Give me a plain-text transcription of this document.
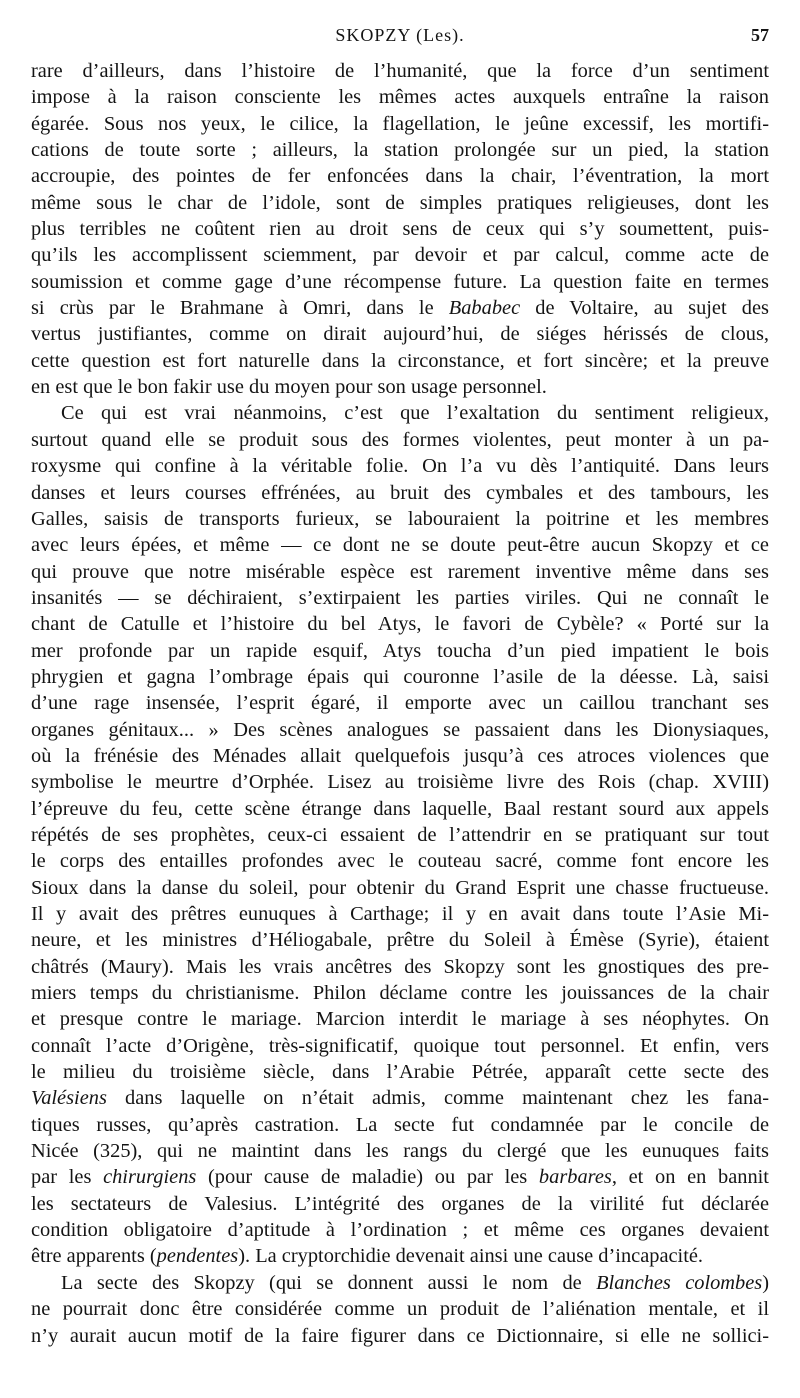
SKOPZY (Les).	57
rare d’ailleurs, dans l’histoire de l’humanité, que la force d’un sentiment
impose à la raison consciente les mêmes actes auxquels entraîne la raison
égarée. Sous nos yeux, le cilice, la flagellation, le jeûne excessif, les mortifi-
cations de toute sorte ; ailleurs, la station prolongée sur un pied, la station
accroupie, des pointes de fer enfoncées dans la chair, l’éventration, la mort
même sous le char de l’idole, sont de simples pratiques religieuses, dont les
plus terribles ne coûtent rien au droit sens de ceux qui s’y soumettent, puis-
qu’ils les accomplissent sciemment, par devoir et par calcul, comme acte de
soumission et comme gage d’une récompense future. La question faite en termes
si crùs par le Brahmane à Omri, dans le Bababec de Voltaire, au sujet des
vertus justifiantes, comme on dirait aujourd’hui, de siéges hérissés de clous,
cette question est fort naturelle dans la circonstance, et fort sincère; et la preuve
en est que le bon fakir use du moyen pour son usage personnel.
Ce qui est vrai néanmoins, c’est que l’exaltation du sentiment religieux,
surtout quand elle se produit sous des formes violentes, peut monter à un pa-
roxysme qui confine à la véritable folie. On l’a vu dès l’antiquité. Dans leurs
danses et leurs courses effrénées, au bruit des cymbales et des tambours, les
Galles, saisis de transports furieux, se labouraient la poitrine et les membres
avec leurs épées, et même — ce dont ne se doute peut-être aucun Skopzy et ce
qui prouve que notre misérable espèce est rarement inventive même dans ses
insanités — se déchiraient, s’extirpaient les parties viriles. Qui ne connaît le
chant de Catulle et l’histoire du bel Atys, le favori de Cybèle? « Porté sur la
mer profonde par un rapide esquif, Atys toucha d’un pied impatient le bois
phrygien et gagna l’ombrage épais qui couronne l’asile de la déesse. Là, saisi
d’une rage insensée, l’esprit égaré, il emporte avec un caillou tranchant ses
organes génitaux... » Des scènes analogues se passaient dans les Dionysiaques,
où la frénésie des Ménades allait quelquefois jusqu’à ces atroces violences que
symbolise le meurtre d’Orphée. Lisez au troisième livre des Rois (chap. XVIII)
l’épreuve du feu, cette scène étrange dans laquelle, Baal restant sourd aux appels
répétés de ses prophètes, ceux-ci essaient de l’attendrir en se pratiquant sur tout
le corps des entailles profondes avec le couteau sacré, comme font encore les
Sioux dans la danse du soleil, pour obtenir du Grand Esprit une chasse fructueuse.
Il y avait des prêtres eunuques à Carthage; il y en avait dans toute l’Asie Mi-
neure, et les ministres d’Héliogabale, prêtre du Soleil à Émèse (Syrie), étaient
châtrés (Maury). Mais les vrais ancêtres des Skopzy sont les gnostiques des pre-
miers temps du christianisme. Philon déclame contre les jouissances de la chair
et presque contre le mariage. Marcion interdit le mariage à ses néophytes. On
connaît l’acte d’Origène, très-significatif, quoique tout personnel. Et enfin, vers
le milieu du troisième siècle, dans l’Arabie Pétrée, apparaît cette secte des
Valésiens dans laquelle on n’était admis, comme maintenant chez les fana-
tiques russes, qu’après castration. La secte fut condamnée par le concile de
Nicée (325), qui ne maintint dans les rangs du clergé que les eunuques faits
par les chirurgiens (pour cause de maladie) ou par les barbares, et on en bannit
les sectateurs de Valesius. L’intégrité des organes de la virilité fut déclarée
condition obligatoire d’aptitude à l’ordination ; et même ces organes devaient
être apparents (pendentes). La cryptorchidie devenait ainsi une cause d’incapacité.
La secte des Skopzy (qui se donnent aussi le nom de Blanches colombes)
ne pourrait donc être considérée comme un produit de l’aliénation mentale, et il
n’y aurait aucun motif de la faire figurer dans ce Dictionnaire, si elle ne sollici-
